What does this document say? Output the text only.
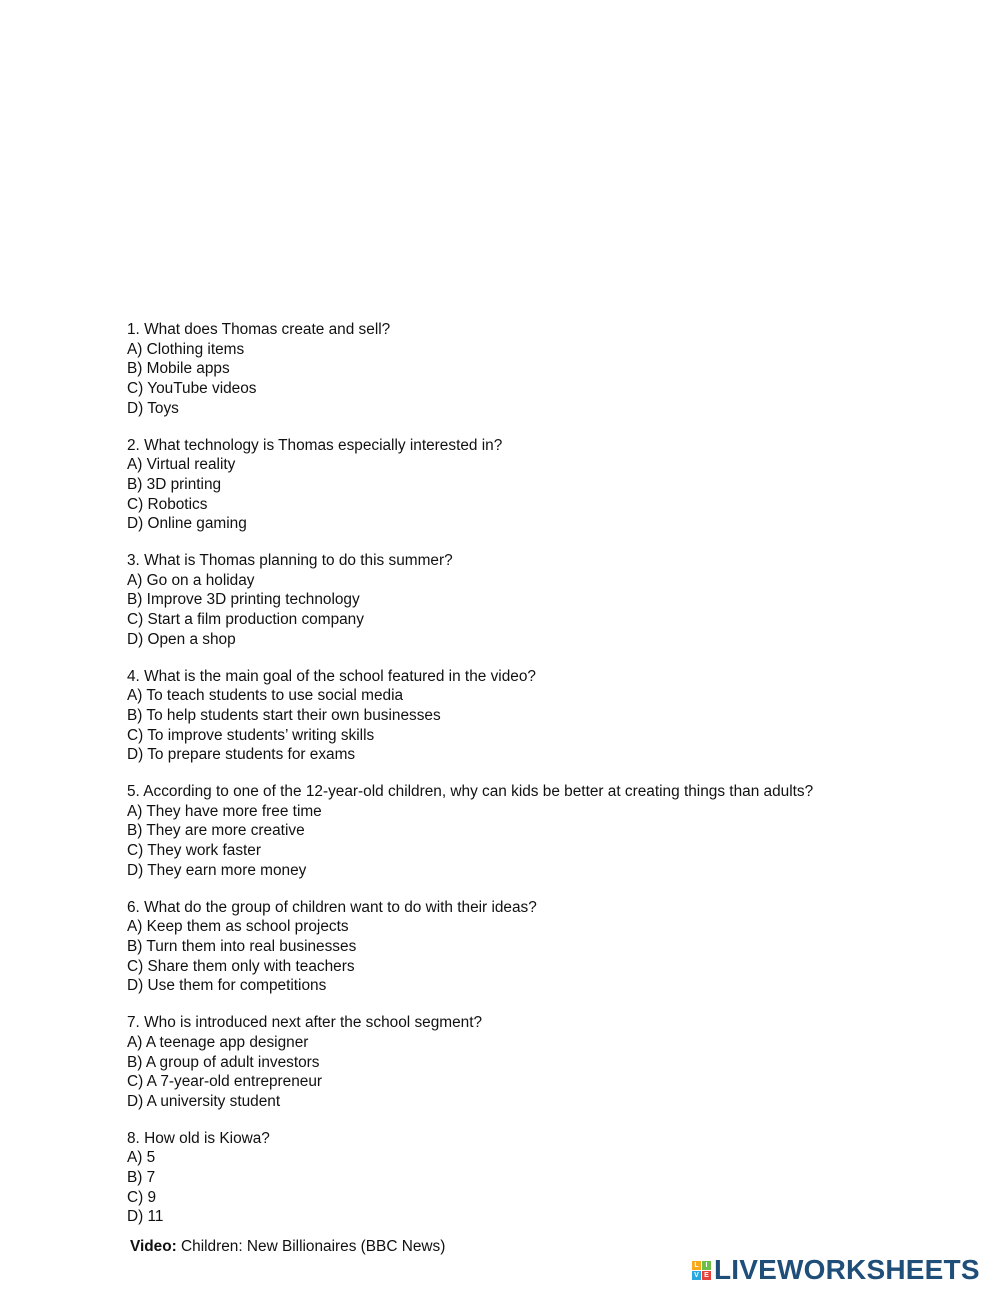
1. What does Thomas create and sell?
A) Clothing items
B) Mobile apps
C) YouTube videos
D) Toys
2. What technology is Thomas especially interested in?
A) Virtual reality
B) 3D printing
C) Robotics
D) Online gaming
3. What is Thomas planning to do this summer?
A) Go on a holiday
B) Improve 3D printing technology
C) Start a film production company
D) Open a shop
4. What is the main goal of the school featured in the video?
A) To teach students to use social media
B) To help students start their own businesses
C) To improve students’ writing skills
D) To prepare students for exams
5. According to one of the 12-year-old children, why can kids be better at creating things than adults?
A) They have more free time
B) They are more creative
C) They work faster
D) They earn more money
6. What do the group of children want to do with their ideas?
A) Keep them as school projects
B) Turn them into real businesses
C) Share them only with teachers
D) Use them for competitions
7. Who is introduced next after the school segment?
A) A teenage app designer
B) A group of adult investors
C) A 7-year-old entrepreneur
D) A university student
8. How old is Kiowa?
A) 5
B) 7
C) 9
D) 11
Video: Children: New Billionaires (BBC News)
L I
V E LIVEWORKSHEETS
